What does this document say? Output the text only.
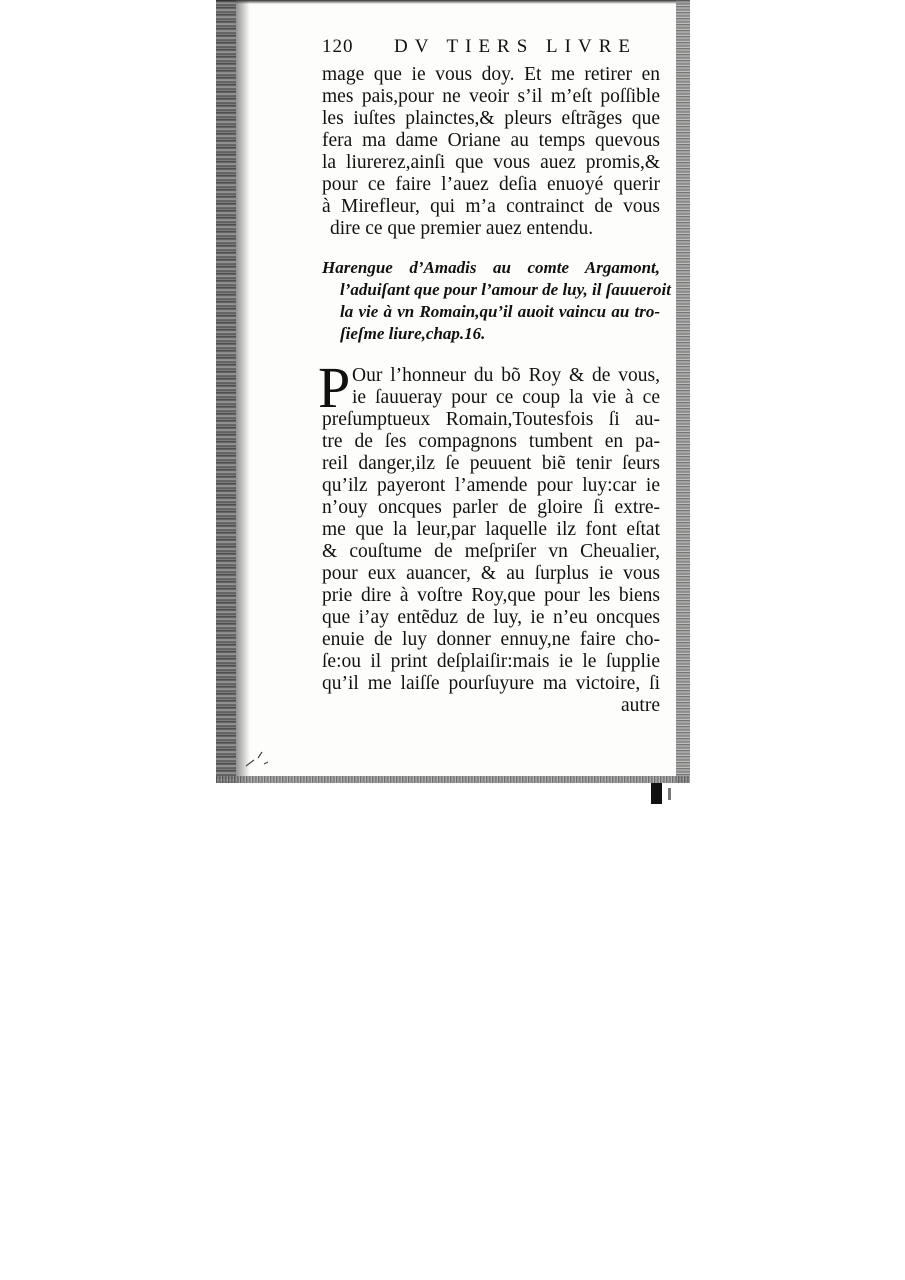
120 DV TIERS LIVRE
mage que ie vous doy. Et me retirer en
mes pais,pour ne veoir s’il m’eſt poſſible
les iuſtes plainctes,& pleurs eſtrãges que
fera ma dame Oriane au temps quevous
la liurerez,ainſi que vous auez promis,&
pour ce faire l’auez deſia enuoyé querir
à Mirefleur, qui m’a contrainct de vous
dire ce que premier auez entendu.
Harengue d’Amadis au comte Argamont,
l’aduiſant que pour l’amour de luy, il ſauueroit
la vie à vn Romain,qu’il auoit vaincu au tro-
ſieſme liure,chap.16.
P Our l’honneur du bõ Roy & de vous,
ie ſauueray pour ce coup la vie à ce
preſumptueux Romain,Toutesfois ſi au-
tre de ſes compagnons tumbent en pa-
reil danger,ilz ſe peuuent biẽ tenir ſeurs
qu’ilz payeront l’amende pour luy:car ie
n’ouy oncques parler de gloire ſi extre-
me que la leur,par laquelle ilz font eſtat
& couſtume de meſpriſer vn Cheualier,
pour eux auancer, & au ſurplus ie vous
prie dire à voſtre Roy,que pour les biens
que i’ay entẽduz de luy, ie n’eu oncques
enuie de luy donner ennuy,ne faire cho-
ſe:ou il print deſplaiſir:mais ie le ſupplie
qu’il me laiſſe pourſuyure ma victoire, ſi
autre
